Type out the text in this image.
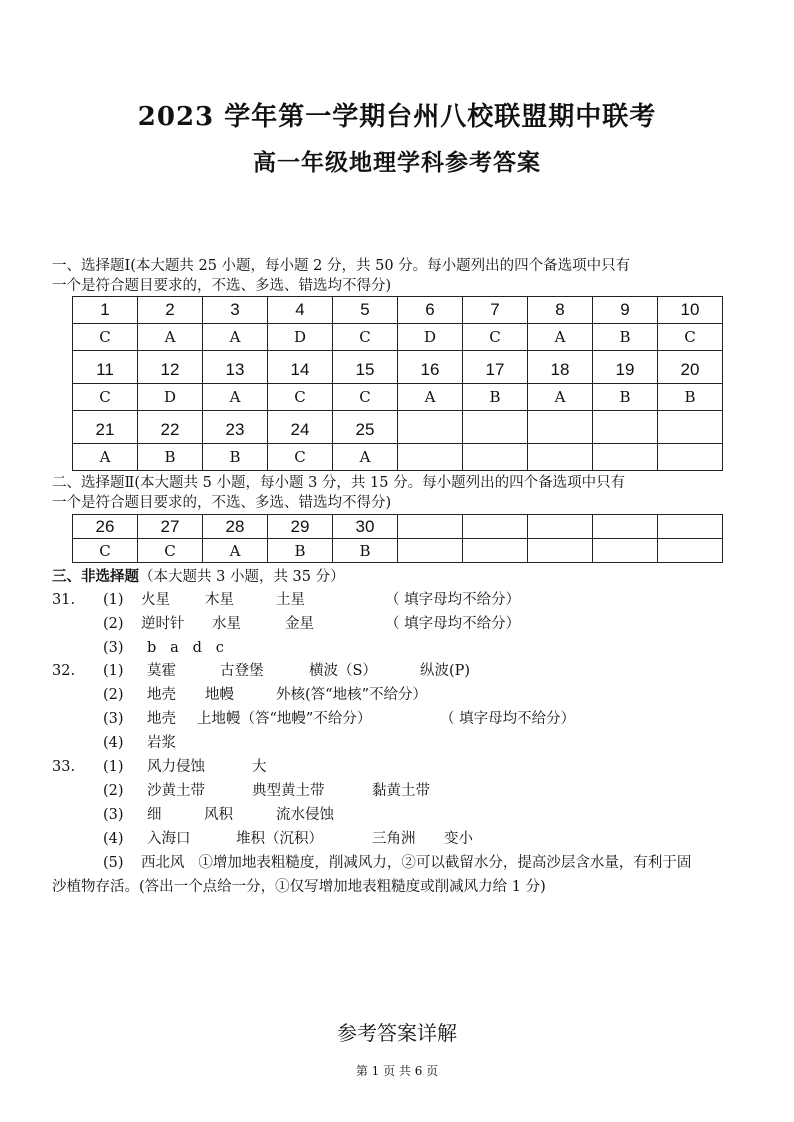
2023 学年第一学期台州八校联盟期中联考
高一年级地理学科参考答案
一、选择题Ⅰ(本大题共 25 小题，每小题 2 分，共 50 分。每小题列出的四个备选项中只有
一个是符合题目要求的，不选、多选、错选均不得分)
1	2	3	4	5	6	7	8	9	10
C	A	A	D	C	D	C	A	B	C
11	12	13	14	15	16	17	18	19	20
C	D	A	C	C	A	B	A	B	B
21	22	23	24	25					
A	B	B	C	A					
二、选择题Ⅱ(本大题共 5 小题，每小题 3 分，共 15 分。每小题列出的四个备选项中只有
一个是符合题目要求的，不选、多选、错选均不得分)
26	27	28	29	30					
C	C	A	B	B					
三、非选择题（本大题共 3 小题，共 35 分）
31. (1) 火星 木星	土星	（ 填字母均不给分）
(2) 逆时针 水星	金星	（ 填字母均不给分）
(3) b   a   d   c
32. (1) 莫霍	古登堡	横波（S）	纵波(P)
(2) 地壳 地幔	外核(答“地核”不给分）
(3) 地壳 上地幔（答“地幔”不给分）	（ 填字母均不给分）
(4) 岩浆
33. (1) 风力侵蚀	大
(2) 沙黄土带	典型黄土带	黏黄土带
(3) 细	风积	流水侵蚀
(4) 入海口	堆积（沉积）	三角洲 变小
(5) 西北风   ①增加地表粗糙度，削减风力，②可以截留水分，提高沙层含水量，有利于固
沙植物存活。(答出一个点给一分，①仅写增加地表粗糙度或削减风力给 1 分)
参考答案详解
第 1 页 共 6 页
